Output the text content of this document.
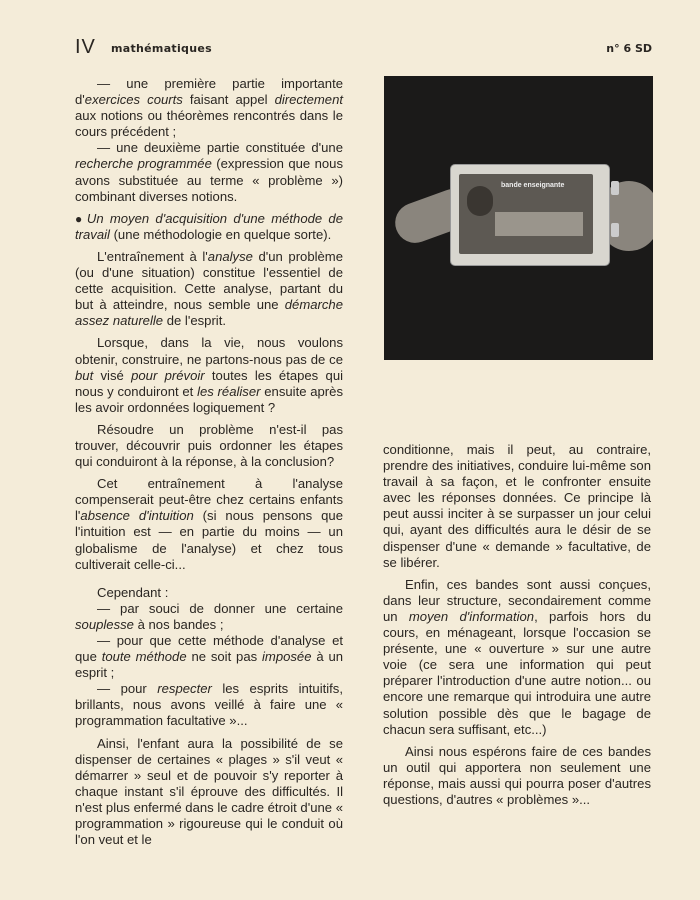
IV mathématiques	n° 6 SD

— une première partie importante d'exercices courts faisant appel directement aux notions ou théorèmes rencontrés dans le cours précédent ;

— une deuxième partie constituée d'une recherche programmée (expression que nous avons substituée au terme « problème ») combinant diverses notions.

● Un moyen d'acquisition d'une méthode de travail (une méthodologie en quelque sorte).

L'entraînement à l'analyse d'un problème (ou d'une situation) constitue l'essentiel de cette acquisition. Cette analyse, partant du but à atteindre, nous semble une démarche assez naturelle de l'esprit.

Lorsque, dans la vie, nous voulons obtenir, construire, ne partons-nous pas de ce but visé pour prévoir toutes les étapes qui nous y conduiront et les réaliser ensuite après les avoir ordonnées logiquement ?

Résoudre un problème n'est-il pas trouver, découvrir puis ordonner les étapes qui conduiront à la réponse, à la conclusion?

Cet entraînement à l'analyse compenserait peut-être chez certains enfants l'absence d'intuition (si nous pensons que l'intuition est — en partie du moins — un globalisme de l'analyse) et chez tous cultiverait celle-ci...

Cependant :

— par souci de donner une certaine souplesse à nos bandes ;

— pour que cette méthode d'analyse et que toute méthode ne soit pas imposée à un esprit ;

— pour respecter les esprits intuitifs, brillants, nous avons veillé à faire une « programmation facultative »...

Ainsi, l'enfant aura la possibilité de se dispenser de certaines « plages » s'il veut « démarrer » seul et de pouvoir s'y reporter à chaque instant s'il éprouve des difficultés. Il n'est plus enfermé dans le cadre étroit d'une « programmation » rigoureuse qui le conduit où l'on veut et le

bande enseignante

conditionne, mais il peut, au contraire, prendre des initiatives, conduire lui-même son travail à sa façon, et le confronter ensuite avec les réponses données. Ce principe là peut aussi inciter à se surpasser un jour celui qui, ayant des difficultés aura le désir de se dispenser d'une « demande » facultative, de se libérer.

Enfin, ces bandes sont aussi conçues, dans leur structure, secondairement comme un moyen d'information, parfois hors du cours, en ménageant, lorsque l'occasion se présente, une « ouverture » sur une autre voie (ce sera une information qui peut préparer l'introduction d'une autre notion... ou encore une remarque qui introduira une autre solution possible dès que le bagage de chacun sera suffisant, etc...)

Ainsi nous espérons faire de ces bandes un outil qui apportera non seulement une réponse, mais aussi qui pourra poser d'autres questions, d'autres « problèmes »...
